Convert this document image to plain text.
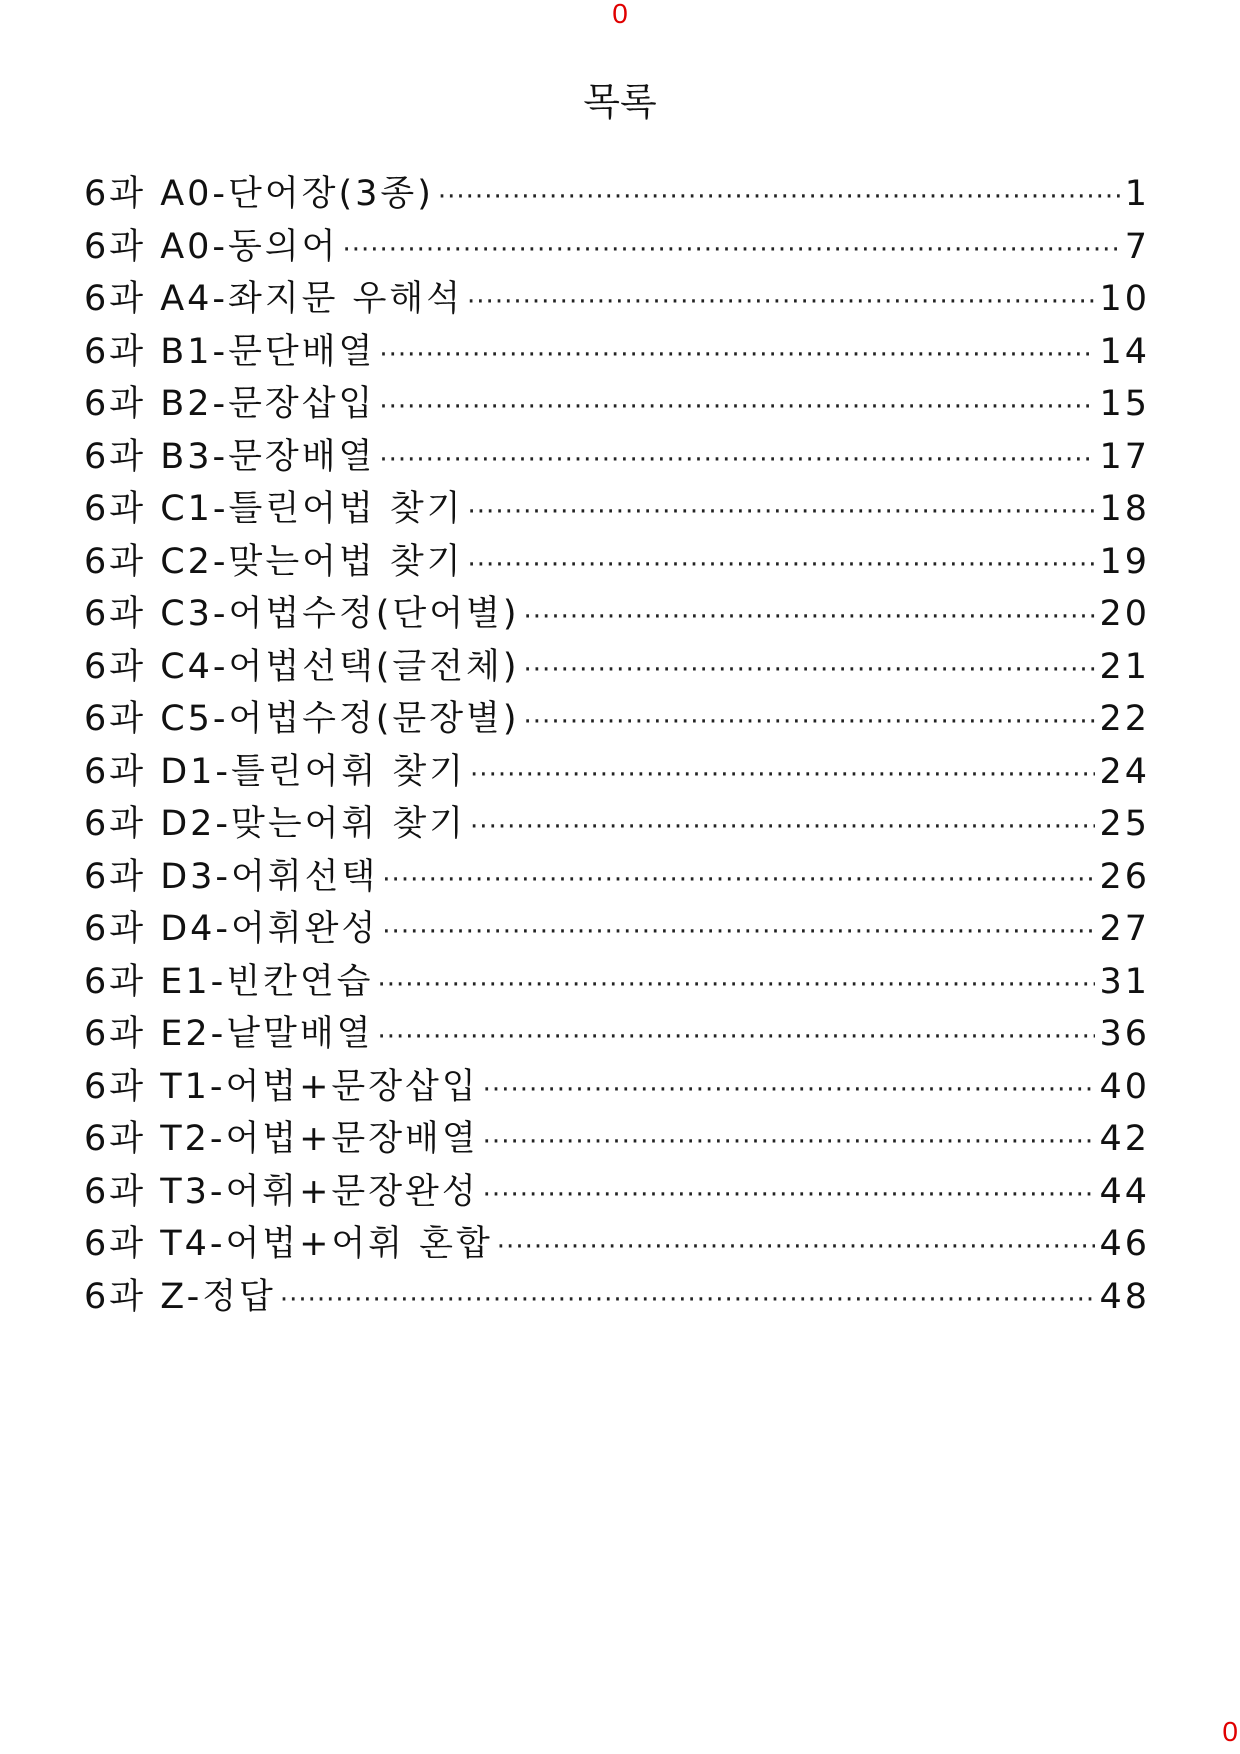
0
목록
6과 A0-단어장(3종) ·····	1
6과 A0-동의어 ·····	7
6과 A4-좌지문 우해석 ·····	10
6과 B1-문단배열 ·····	14
6과 B2-문장삽입 ·····	15
6과 B3-문장배열 ·····	17
6과 C1-틀린어법 찾기 ·····	18
6과 C2-맞는어법 찾기 ·····	19
6과 C3-어법수정(단어별) ·····	20
6과 C4-어법선택(글전체) ·····	21
6과 C5-어법수정(문장별) ·····	22
6과 D1-틀린어휘 찾기 ·····	24
6과 D2-맞는어휘 찾기 ·····	25
6과 D3-어휘선택 ·····	26
6과 D4-어휘완성 ·····	27
6과 E1-빈칸연습 ·····	31
6과 E2-낱말배열 ·····	36
6과 T1-어법+문장삽입 ·····	40
6과 T2-어법+문장배열 ·····	42
6과 T3-어휘+문장완성 ·····	44
6과 T4-어법+어휘 혼합 ·····	46
6과 Z-정답 ·····	48
0
